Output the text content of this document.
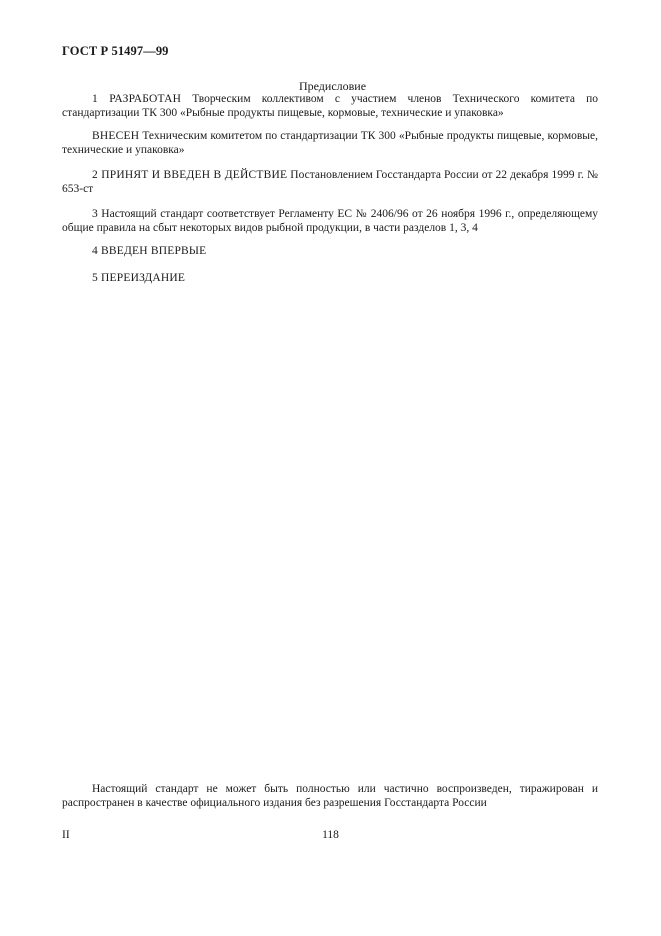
ГОСТ Р 51497—99
Предисловие

1 РАЗРАБОТАН Творческим коллективом с участием членов Технического комитета по стандартизации ТК 300 «Рыбные продукты пищевые, кормовые, технические и упаковка»

ВНЕСЕН Техническим комитетом по стандартизации ТК 300 «Рыбные продукты пищевые, кормовые, технические и упаковка»

2 ПРИНЯТ И ВВЕДЕН В ДЕЙСТВИЕ Постановлением Госстандарта России от 22 декабря 1999 г. № 653-ст

3 Настоящий стандарт соответствует Регламенту ЕС № 2406/96 от 26 ноября 1996 г., определяющему общие правила на сбыт некоторых видов рыбной продукции, в части разделов 1, 3, 4

4 ВВЕДЕН ВПЕРВЫЕ

5 ПЕРЕИЗДАНИЕ

Настоящий стандарт не может быть полностью или частично воспроизведен, тиражирован и распространен в качестве официального издания без разрешения Госстандарта России

II	118
